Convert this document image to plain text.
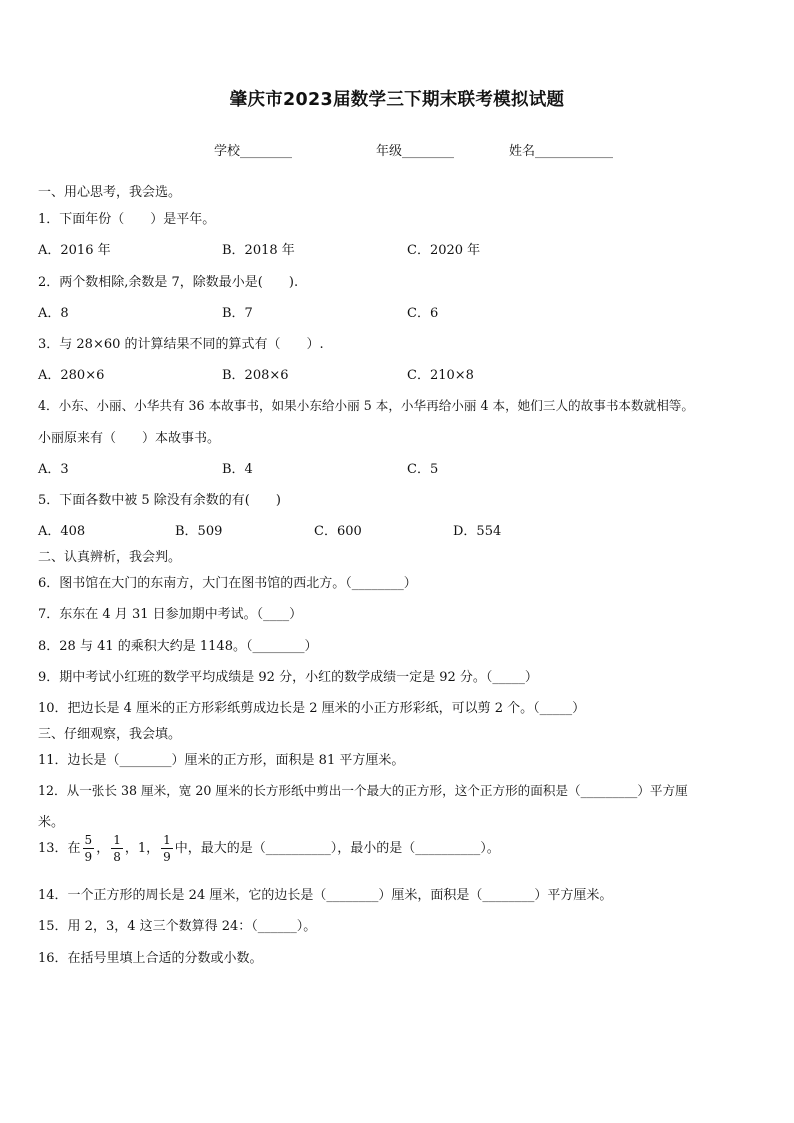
肇庆市2023届数学三下期末联考模拟试题
学校________	年级________	姓名____________
一、用心思考，我会选。
1．下面年份（　　）是平年。
A．2016 年	B．2018 年	C．2020 年
2．两个数相除,余数是 7，除数最小是(　　).
A．8	B．7	C．6
3．与 28×60 的计算结果不同的算式有（　　）.
A．280×6	B．208×6	C．210×8
4．小东、小丽、小华共有 36 本故事书，如果小东给小丽 5 本，小华再给小丽 4 本，她们三人的故事书本数就相等。
小丽原来有（　　）本故事书。
A．3	B．4	C．5
5．下面各数中被 5 除没有余数的有(　　)
A．408	B．509	C．600	D．554
二、认真辨析，我会判。
6．图书馆在大门的东南方，大门在图书馆的西北方。（________）
7．东东在 4 月 31 日参加期中考试。（____）
8．28 与 41 的乘积大约是 1148。（________）
9．期中考试小红班的数学平均成绩是 92 分，小红的数学成绩一定是 92 分。（_____）
10．把边长是 4 厘米的正方形彩纸剪成边长是 2 厘米的小正方形彩纸，可以剪 2 个。（_____）
三、仔细观察，我会填。
11．边长是（________）厘米的正方形，面积是 81 平方厘米。
12．从一张长 38 厘米，宽 20 厘米的长方形纸中剪出一个最大的正方形，这个正方形的面积是（_________）平方厘
米。
13．在 $\frac{5}{9}$ ， $\frac{1}{8}$ ，1， $\frac{1}{9}$ 中，最大的是（__________），最小的是（__________）。
14．一个正方形的周长是 24 厘米，它的边长是（________）厘米，面积是（________）平方厘米。
15．用 2，3，4 这三个数算得 24：（______）。
16．在括号里填上合适的分数或小数。
